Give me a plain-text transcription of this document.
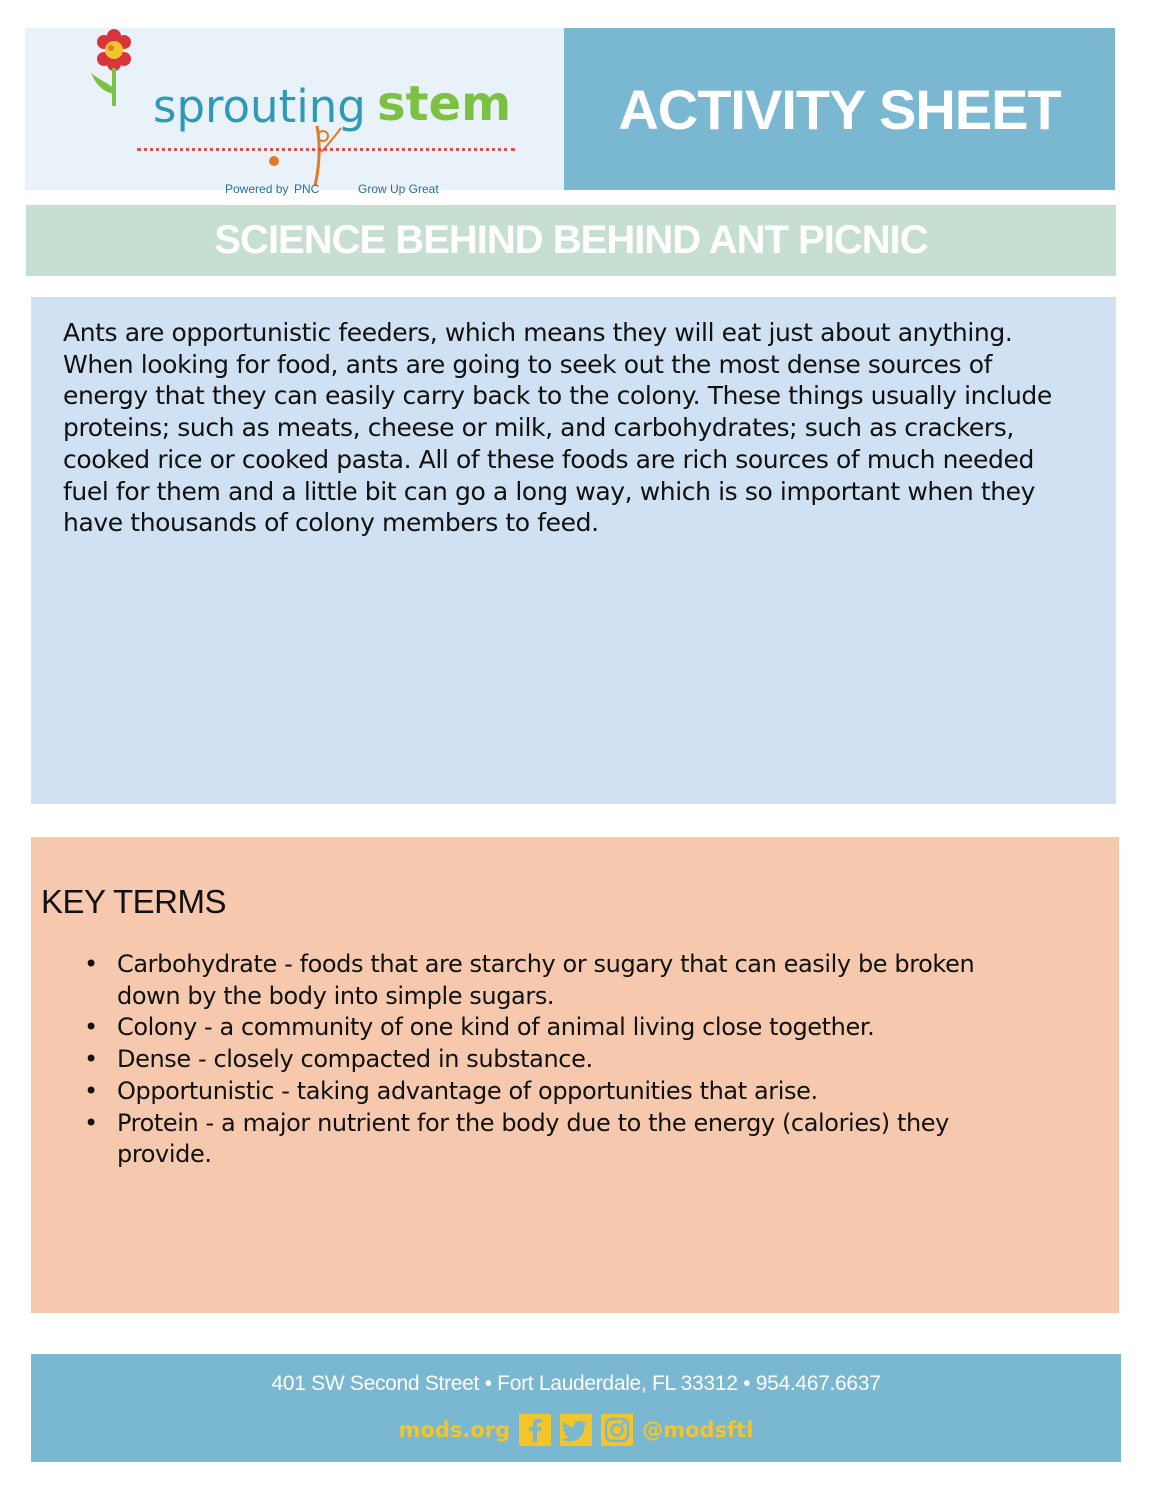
sprouting stem
Powered by PNC	Grow Up Great
ACTIVITY SHEET
SCIENCE BEHIND BEHIND ANT PICNIC
Ants are opportunistic feeders, which means they will eat just about anything. When looking for food, ants are going to seek out the most dense sources of energy that they can easily carry back to the colony. These things usually include proteins; such as meats, cheese or milk, and carbohydrates; such as crackers, cooked rice or cooked pasta. All of these foods are rich sources of much needed fuel for them and a little bit can go a long way, which is so important when they have thousands of colony members to feed.
KEY TERMS
• Carbohydrate - foods that are starchy or sugary that can easily be broken down by the body into simple sugars.
• Colony - a community of one kind of animal living close together.
• Dense - closely compacted in substance.
• Opportunistic - taking advantage of opportunities that arise.
• Protein - a major nutrient for the body due to the energy (calories) they provide.
401 SW Second Street • Fort Lauderdale, FL 33312 • 954.467.6637
mods.org	@modsftl
